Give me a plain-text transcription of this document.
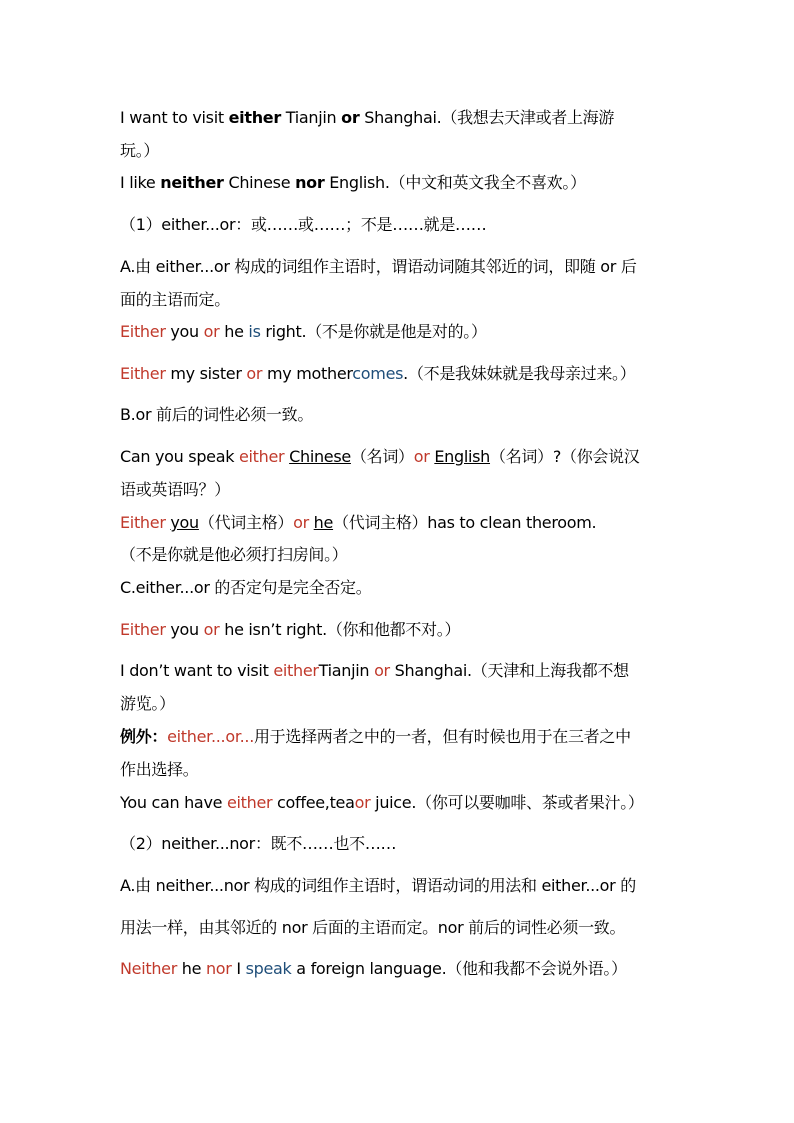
I want to visit either Tianjin or Shanghai.（我想去天津或者上海游
玩。）
I like neither Chinese nor English.（中文和英文我全不喜欢。）
（1）either...or：或……或……；不是……就是……
A.由 either...or 构成的词组作主语时，谓语动词随其邻近的词，即随 or 后
面的主语而定。
Either you or he is right.（不是你就是他是对的。）
Either my sister or my mothercomes.（不是我妹妹就是我母亲过来。）
B.or 前后的词性必须一致。
Can you speak either Chinese（名词）or English（名词）?（你会说汉
语或英语吗？）
Either you（代词主格）or he（代词主格）has to clean theroom.
（不是你就是他必须打扫房间。）
C.either...or 的否定句是完全否定。
Either you or he isn’t right.（你和他都不对。）
I don’t want to visit eitherTianjin or Shanghai.（天津和上海我都不想
游览。）
例外：either...or...用于选择两者之中的一者，但有时候也用于在三者之中
作出选择。
You can have either coffee,teaor juice.（你可以要咖啡、茶或者果汁。）
（2）neither...nor：既不……也不……
A.由 neither...nor 构成的词组作主语时，谓语动词的用法和 either...or 的
用法一样，由其邻近的 nor 后面的主语而定。nor 前后的词性必须一致。
Neither he nor I speak a foreign language.（他和我都不会说外语。）
